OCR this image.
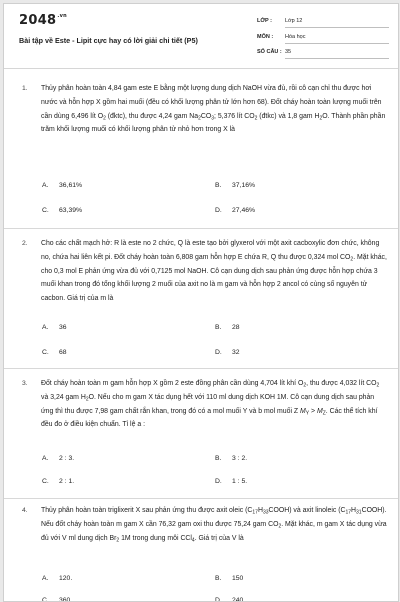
$2048^{.vn}$
Bài tập về Este - Lipit cực hay có lời giải chi tiết (P5)
LỚP : Lớp 12
MÔN : Hóa học
SỐ CÂU : 35
1. Thủy phân hoàn toàn 4,84 gam este E bằng một lượng dung dịch NaOH vừa đủ, rồi cô cạn chỉ thu được hơi nước và hỗn hợp X gồm hai muối (đều có khối lượng phân tử lớn hơn 68). Đốt cháy hoàn toàn lượng muối trên cần dùng 6,496 lít $O_2$ (đktc), thu được 4,24 gam $Na_2CO_3$; 5,376 lít $CO_2$ (đtkc) và 1,8 gam $H_2O$. Thành phần phần trăm khối lượng muối có khối lượng phân tử nhỏ hơn trong X là
A. 36,61%	B. 37,16%
C. 63,39%	D. 27,46%
2. Cho các chất mạch hở: R là este no 2 chức, Q là este tạo bởi glyxerol với một axit cacboxylic đơn chức, không no, chứa hai liên kết pi. Đốt cháy hoàn toàn 6,808 gam hỗn hợp E chứa R, Q thu được 0,324 mol $CO_2$. Mặt khác, cho 0,3 mol E phản ứng vừa đủ với 0,7125 mol NaOH. Cô cạn dung dịch sau phản ứng được hỗn hợp chứa 3 muối khan trong đó tổng khối lượng 2 muối của axit no là m gam và hỗn hợp 2 ancol có cùng số nguyên tử cacbon. Giá trị của m là
A. 36	B. 28
C. 68	D. 32
3. Đốt cháy hoàn toàn m gam hỗn hợp X gồm 2 este đồng phân cần dùng 4,704 lít khí $O_2$, thu được 4,032 lít $CO_2$ và 3,24 gam $H_2O$. Nếu cho m gam X tác dụng hết với 110 ml dung dịch KOH 1M. Cô cạn dung dịch sau phản ứng thì thu được 7,98 gam chất rắn khan, trong đó có a mol muối Y và b mol muối Z $M_Y > M_Z$. Các thể tích khí đều đo ở điều kiện chuẩn. Tỉ lệ a :
A. 2 : 3.	B. 3 : 2.
C. 2 : 1.	D. 1 : 5.
4. Thủy phân hoàn toàn triglixerit X sau phản ứng thu được axit oleic $(C_{17}H_{33}COOH)$ và axit linoleic $(C_{17}H_{31}COOH)$. Nếu đốt cháy hoàn toàn m gam X cần 76,32 gam oxi thu được 75,24 gam $CO_2$. Mặt khác, m gam X tác dụng vừa đủ với V ml dung dịch $Br_2$ 1M trong dung môi CCl$_4$. Giá trị của V là
A. 120.	B. 150
C. 360	D. 240
